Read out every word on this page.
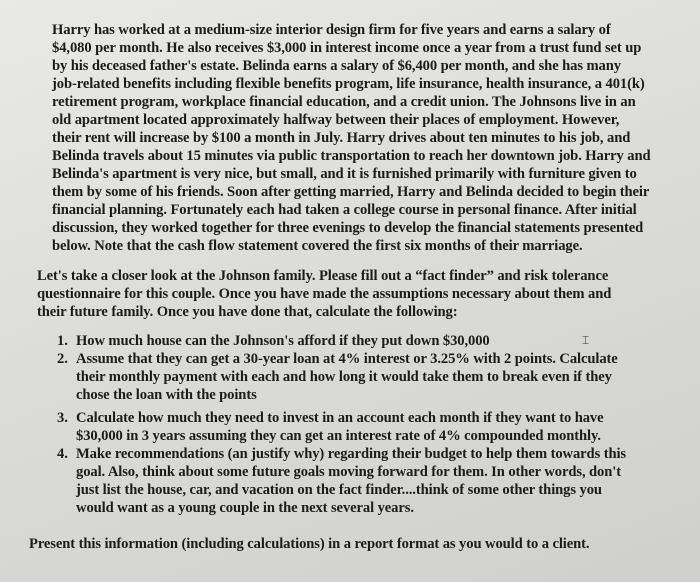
Harry has worked at a medium-size interior design firm for five years and earns a salary of
$4,080 per month. He also receives $3,000 in interest income once a year from a trust fund set up
by his deceased father's estate. Belinda earns a salary of $6,400 per month, and she has many
job-related benefits including flexible benefits program, life insurance, health insurance, a 401(k)
retirement program, workplace financial education, and a credit union. The Johnsons live in an
old apartment located approximately halfway between their places of employment. However,
their rent will increase by $100 a month in July. Harry drives about ten minutes to his job, and
Belinda travels about 15 minutes via public transportation to reach her downtown job. Harry and
Belinda's apartment is very nice, but small, and it is furnished primarily with furniture given to
them by some of his friends. Soon after getting married, Harry and Belinda decided to begin their
financial planning. Fortunately each had taken a college course in personal finance. After initial
discussion, they worked together for three evenings to develop the financial statements presented
below. Note that the cash flow statement covered the first six months of their marriage.
Let's take a closer look at the Johnson family. Please fill out a “fact finder” and risk tolerance
questionnaire for this couple. Once you have made the assumptions necessary about them and
their future family. Once you have done that, calculate the following:
1. How much house can the Johnson's afford if they put down $30,000
2. Assume that they can get a 30-year loan at 4% interest or 3.25% with 2 points. Calculate
their monthly payment with each and how long it would take them to break even if they
chose the loan with the points
3. Calculate how much they need to invest in an account each month if they want to have
$30,000 in 3 years assuming they can get an interest rate of 4% compounded monthly.
4. Make recommendations (an justify why) regarding their budget to help them towards this
goal. Also, think about some future goals moving forward for them. In other words, don't
just list the house, car, and vacation on the fact finder....think of some other things you
would want as a young couple in the next several years.
Present this information (including calculations) in a report format as you would to a client.
⌶
